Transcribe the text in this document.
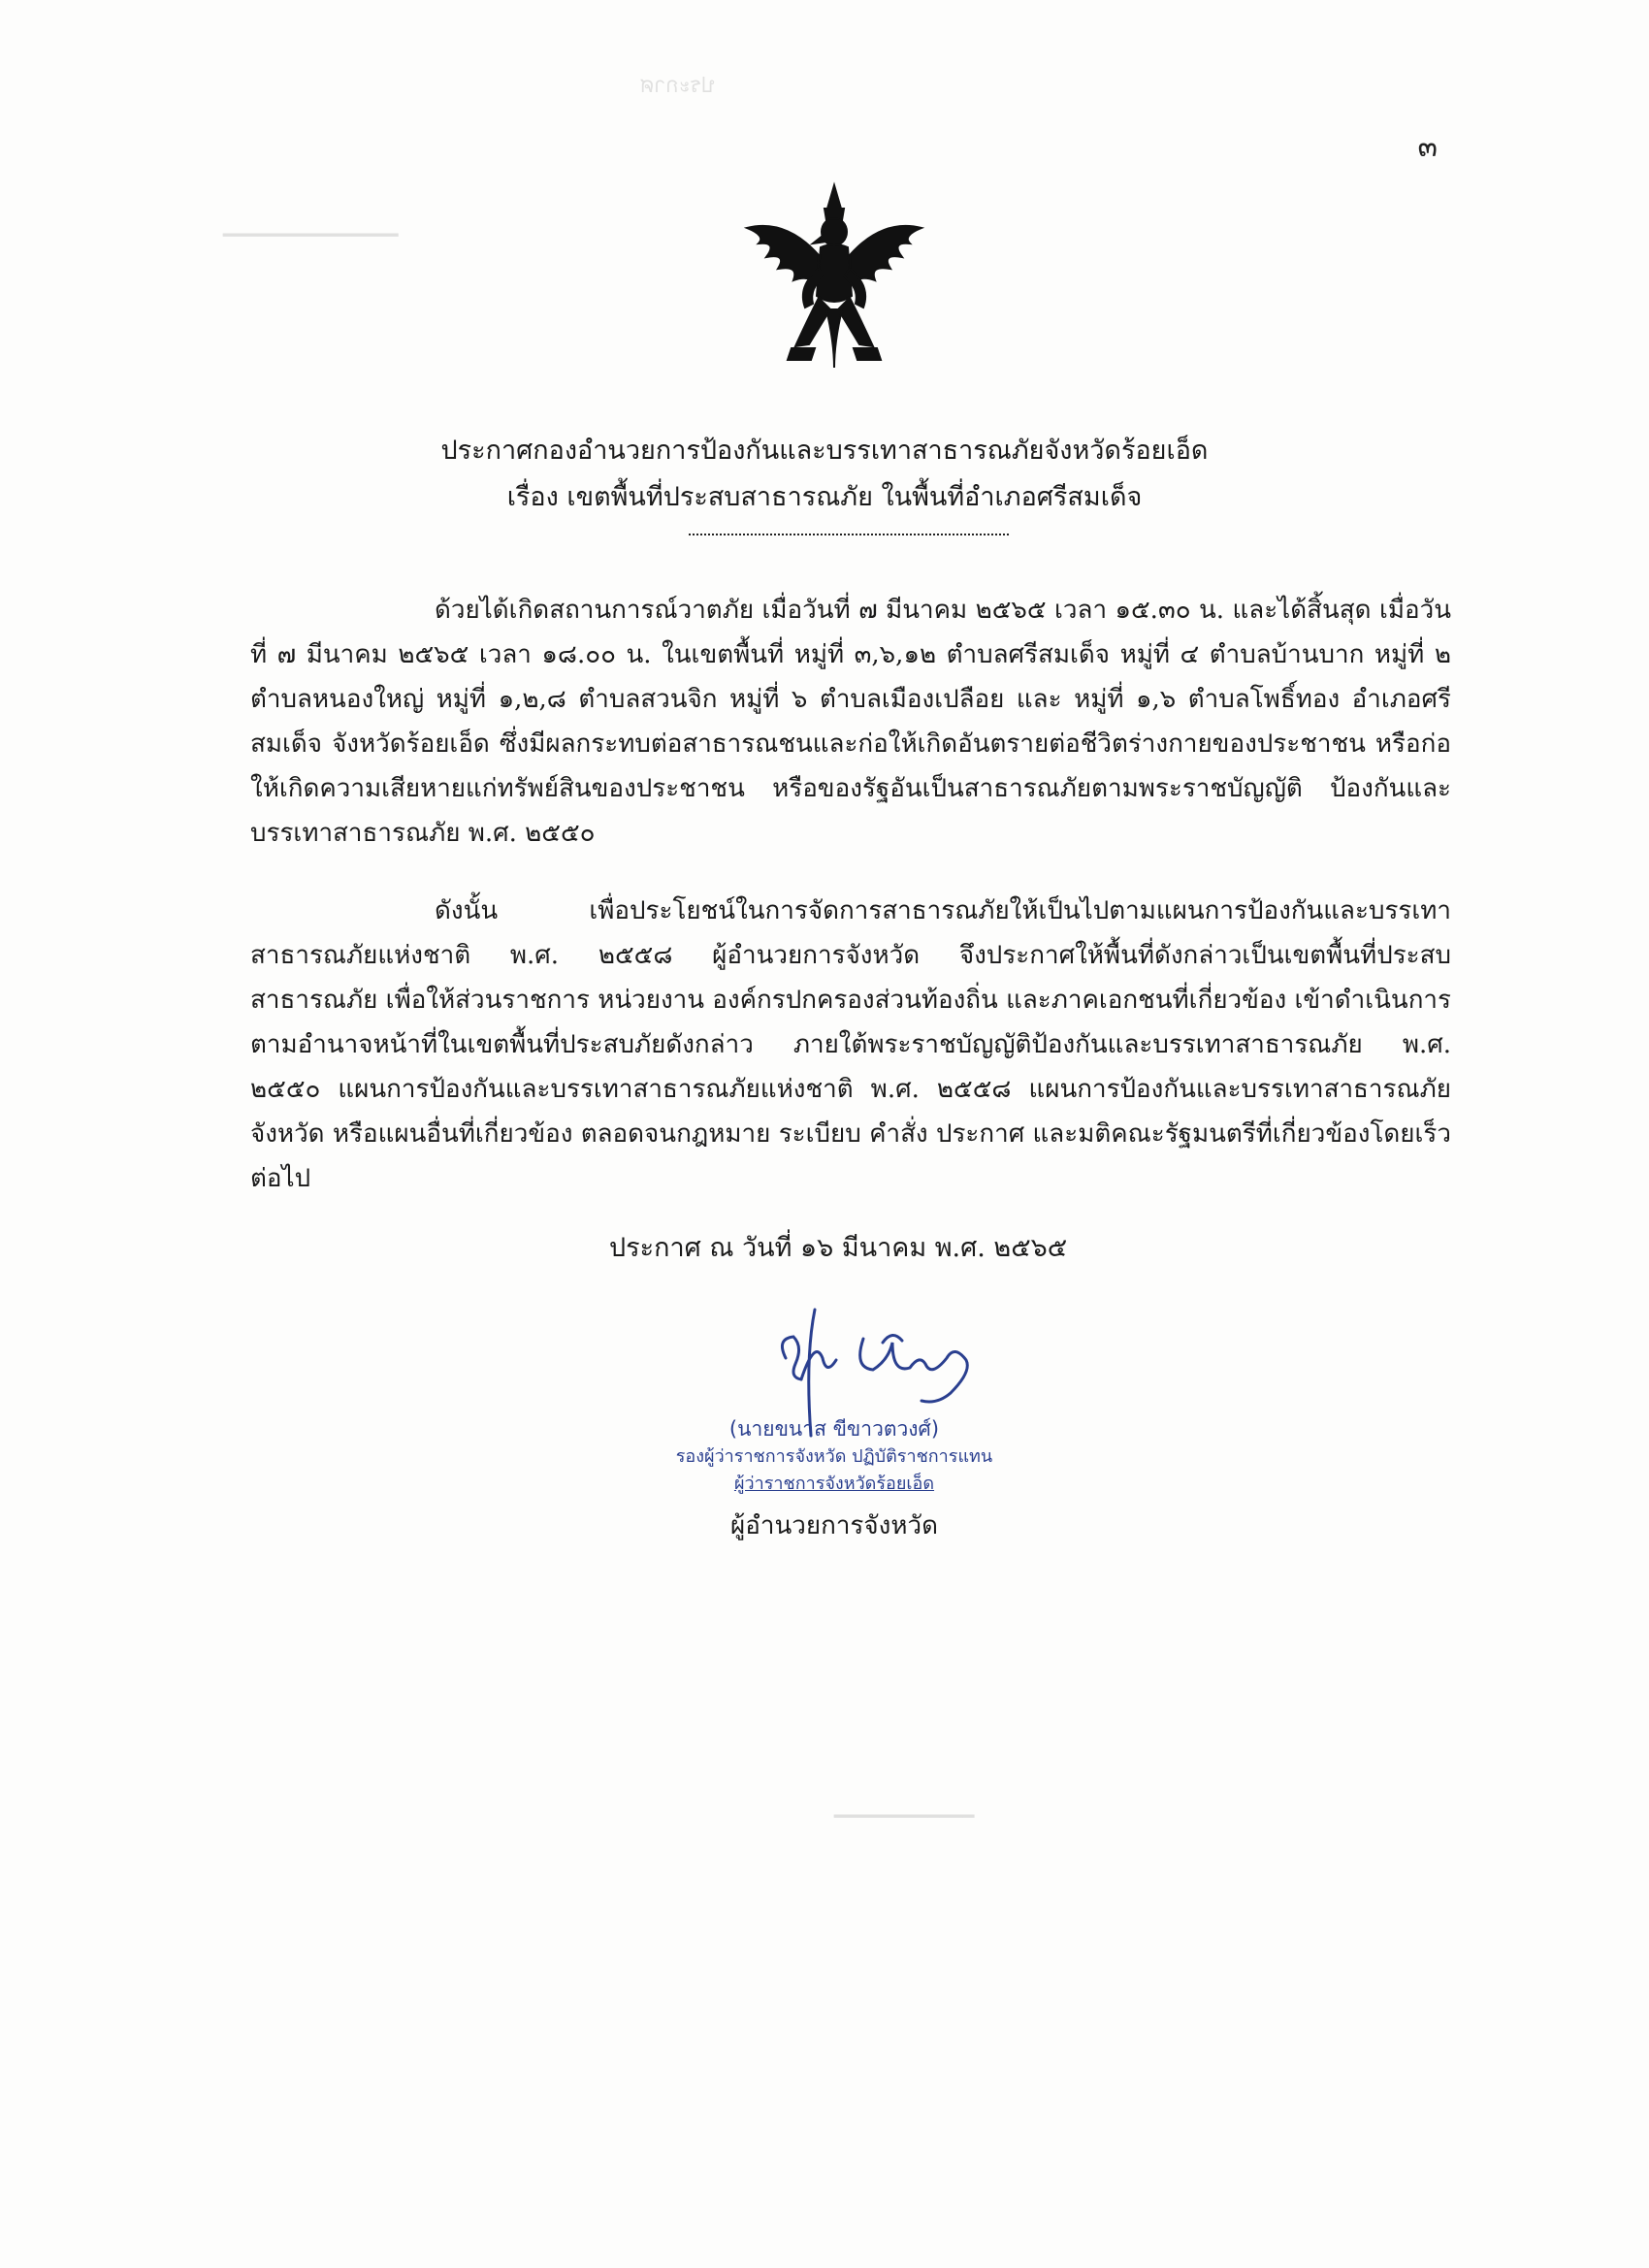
ประกาศ
━━━━━━━━━━━━━━━
━━━━━━━━━━━━
๓
ประกาศกองอำนวยการป้องกันและบรรเทาสาธารณภัยจังหวัดร้อยเอ็ด
เรื่อง เขตพื้นที่ประสบสาธารณภัย ในพื้นที่อำเภอศรีสมเด็จ
ด้วยได้เกิดสถานการณ์วาตภัย เมื่อวันที่ ๗ มีนาคม ๒๕๖๕ เวลา ๑๕.๓๐ น. และได้สิ้นสุด เมื่อวันที่ ๗ มีนาคม ๒๕๖๕ เวลา ๑๘.๐๐ น. ในเขตพื้นที่ หมู่ที่ ๓,๖,๑๒ ตำบลศรีสมเด็จ หมู่ที่ ๔ ตำบลบ้านบาก หมู่ที่ ๒ ตำบลหนองใหญ่ หมู่ที่ ๑,๒,๘ ตำบลสวนจิก หมู่ที่ ๖ ตำบลเมืองเปลือย และ หมู่ที่ ๑,๖ ตำบลโพธิ์ทอง อำเภอศรีสมเด็จ จังหวัดร้อยเอ็ด ซึ่งมีผลกระทบต่อสาธารณชนและก่อให้เกิดอันตรายต่อชีวิตร่างกายของประชาชน หรือก่อให้เกิดความเสียหายแก่ทรัพย์สินของประชาชน หรือของรัฐอันเป็นสาธารณภัยตามพระราชบัญญัติ ป้องกันและบรรเทาสาธารณภัย พ.ศ. ๒๕๕๐
ดังนั้น เพื่อประโยชน์ในการจัดการสาธารณภัยให้เป็นไปตามแผนการป้องกันและบรรเทา สาธารณภัยแห่งชาติ พ.ศ. ๒๕๕๘ ผู้อำนวยการจังหวัด จึงประกาศให้พื้นที่ดังกล่าวเป็นเขตพื้นที่ประสบสาธารณภัย เพื่อให้ส่วนราชการ หน่วยงาน องค์กรปกครองส่วนท้องถิ่น และภาคเอกชนที่เกี่ยวข้อง เข้าดำเนินการ ตามอำนาจหน้าที่ในเขตพื้นที่ประสบภัยดังกล่าว ภายใต้พระราชบัญญัติป้องกันและบรรเทาสาธารณภัย พ.ศ. ๒๕๕๐ แผนการป้องกันและบรรเทาสาธารณภัยแห่งชาติ พ.ศ. ๒๕๕๘ แผนการป้องกันและบรรเทาสาธารณภัยจังหวัด หรือแผนอื่นที่เกี่ยวข้อง ตลอดจนกฎหมาย ระเบียบ คำสั่ง ประกาศ และมติคณะรัฐมนตรีที่เกี่ยวข้องโดยเร็วต่อไป
ประกาศ ณ วันที่ ๑๖ มีนาคม พ.ศ. ๒๕๖๕
(นายขนาส ขีขาวตวงศ์)
รองผู้ว่าราชการจังหวัด ปฏิบัติราชการแทน
ผู้ว่าราชการจังหวัดร้อยเอ็ด
ผู้อำนวยการจังหวัด
